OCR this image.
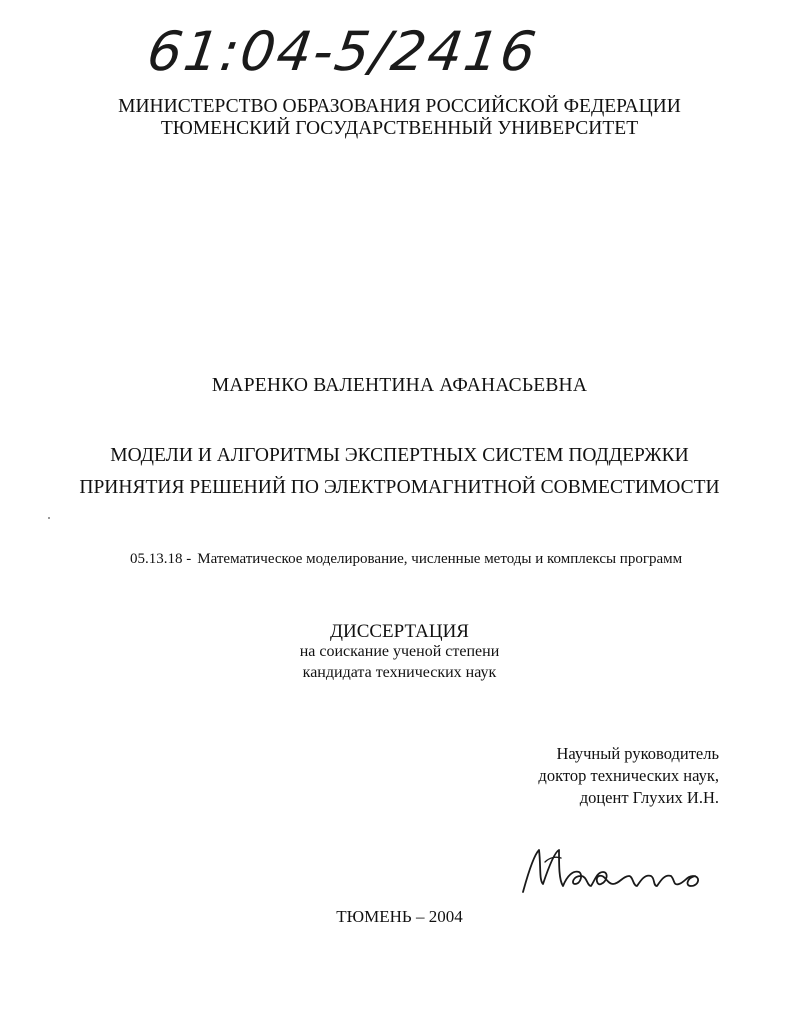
61:04-5/2416
МИНИСТЕРСТВО ОБРАЗОВАНИЯ РОССИЙСКОЙ ФЕДЕРАЦИИ
ТЮМЕНСКИЙ ГОСУДАРСТВЕННЫЙ УНИВЕРСИТЕТ
МАРЕНКО ВАЛЕНТИНА АФАНАСЬЕВНА
МОДЕЛИ И АЛГОРИТМЫ ЭКСПЕРТНЫХ СИСТЕМ ПОДДЕРЖКИ
ПРИНЯТИЯ РЕШЕНИЙ ПО ЭЛЕКТРОМАГНИТНОЙ СОВМЕСТИМОСТИ
05.13.18 - Математическое моделирование, численные методы и комплексы программ
ДИССЕРТАЦИЯ
на соискание ученой степени
кандидата технических наук
Научный руководитель
доктор технических наук,
доцент Глухих И.Н.
ТЮМЕНЬ – 2004
